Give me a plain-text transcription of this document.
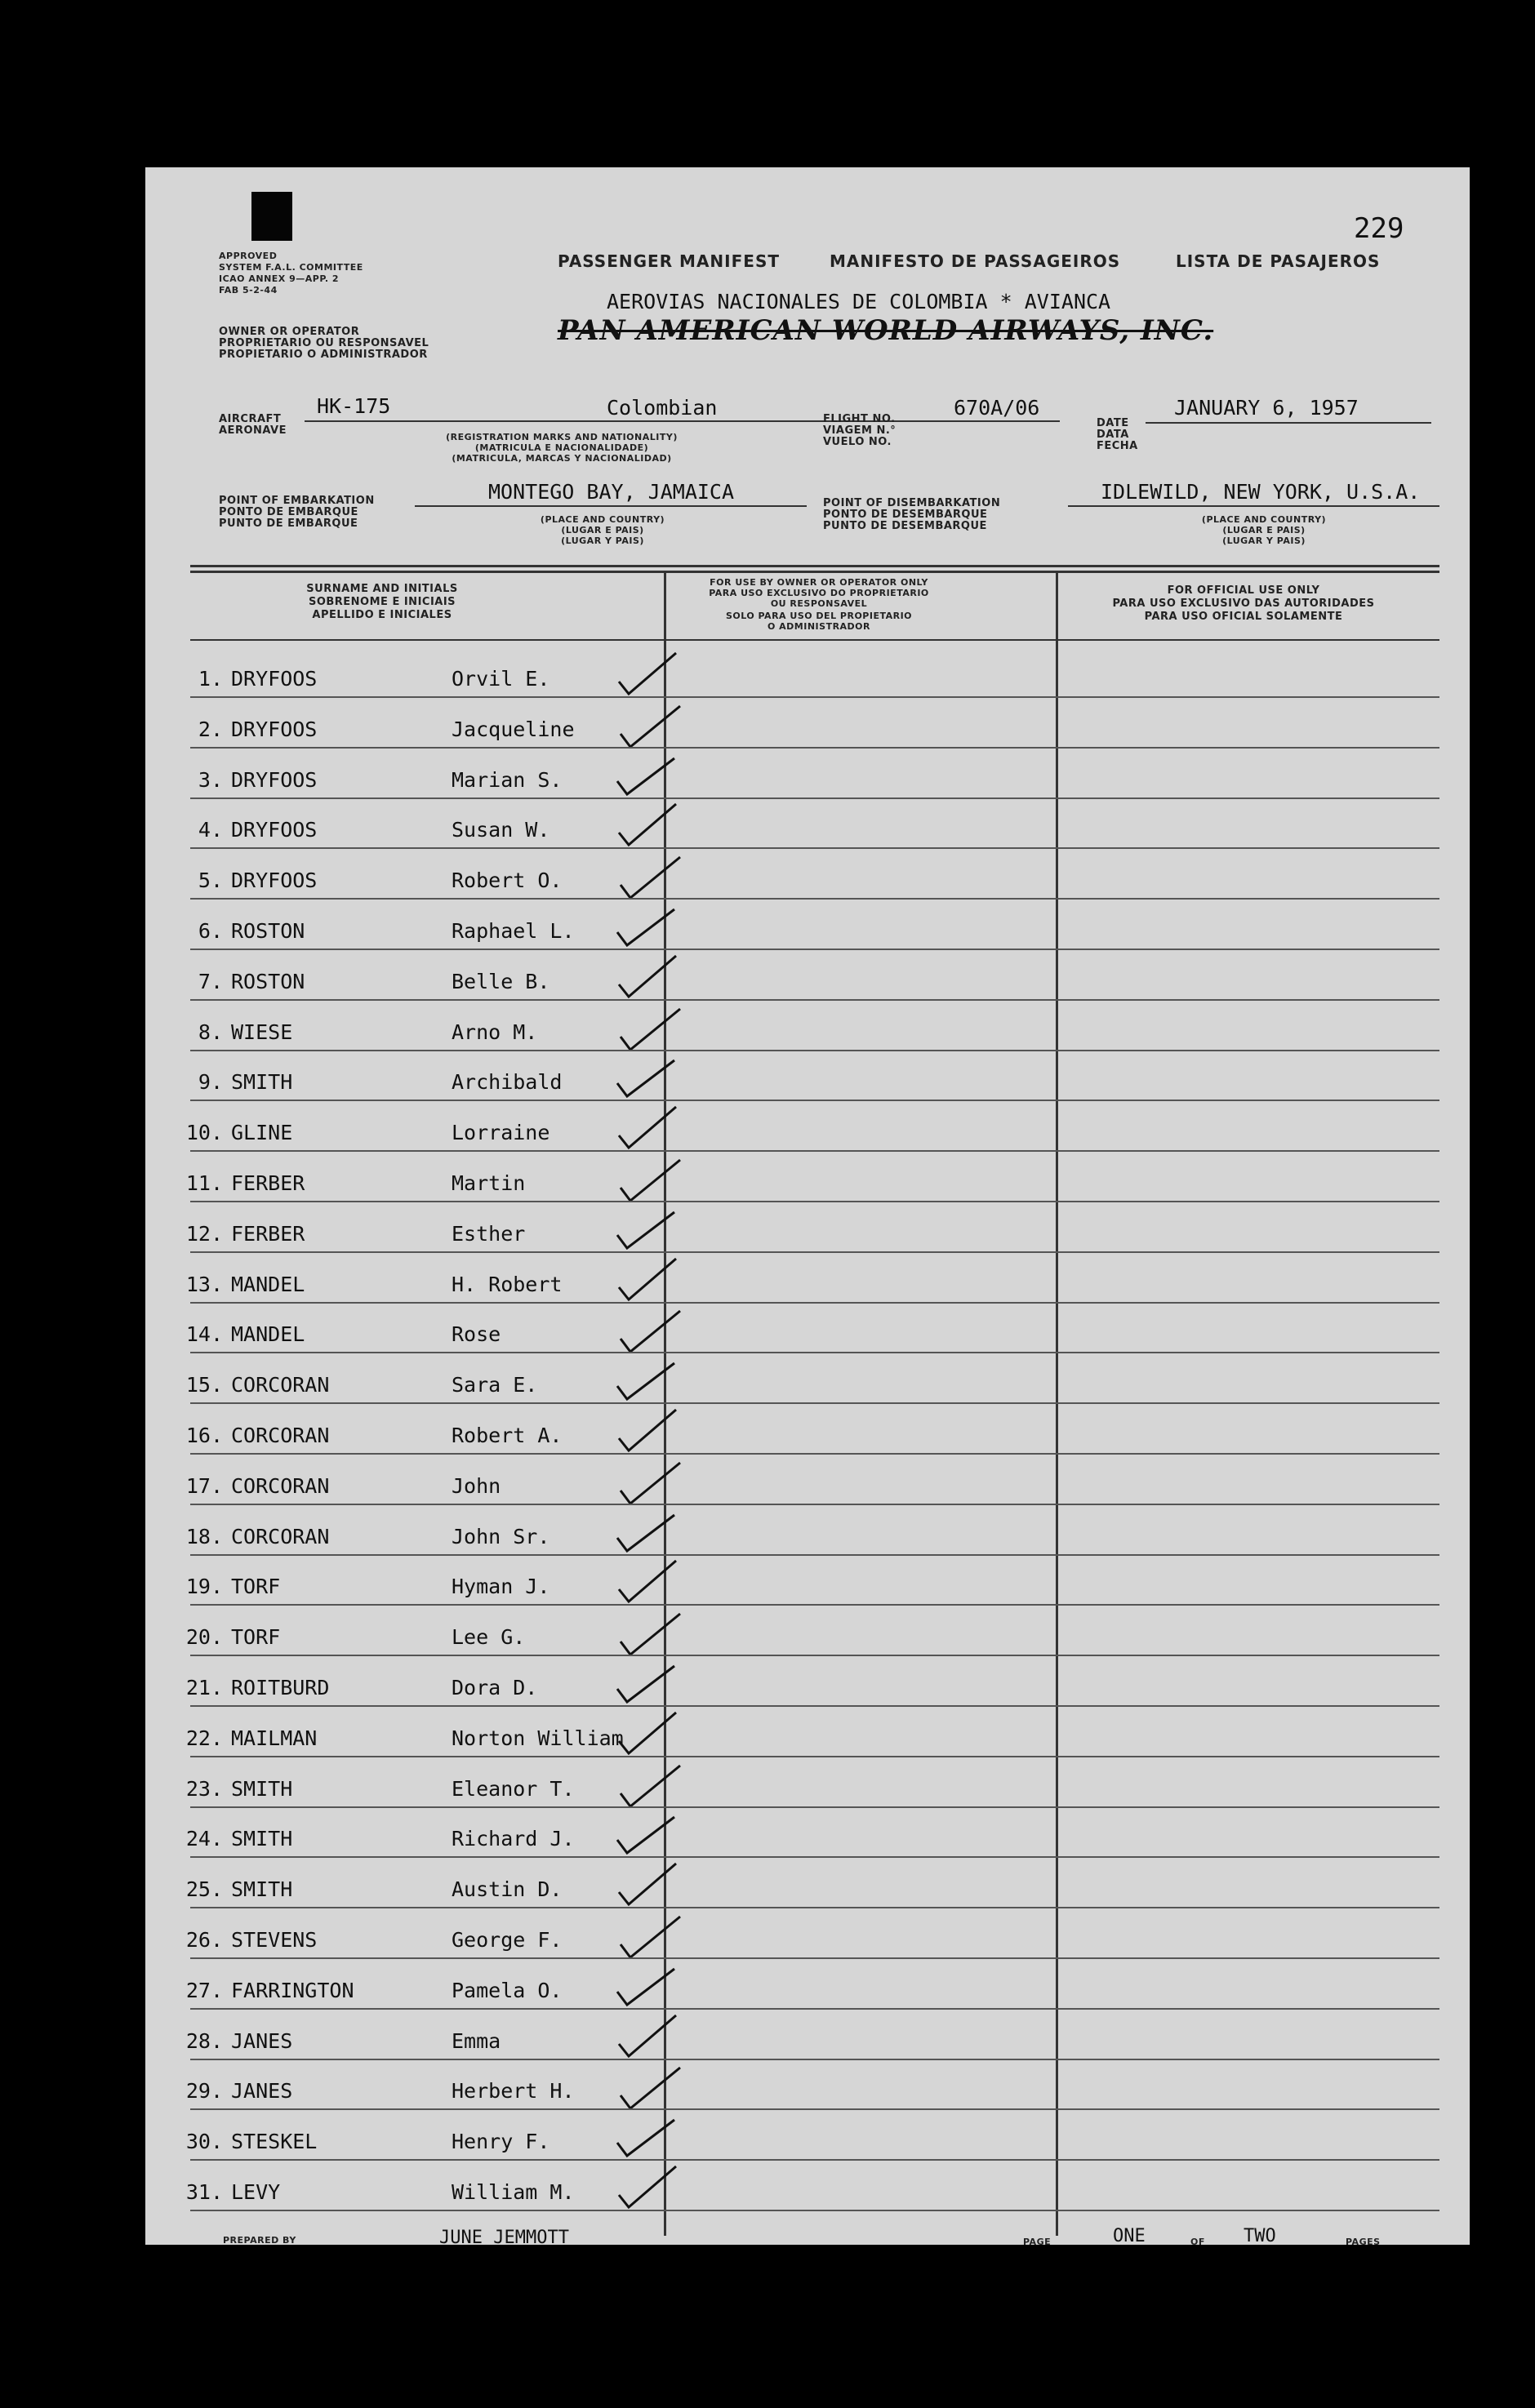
229
APPROVED
SYSTEM F.A.L. COMMITTEE
ICAO ANNEX 9—APP. 2
FAB 5-2-44
OWNER OR OPERATOR
PROPRIETARIO OU RESPONSAVEL
PROPIETARIO O ADMINISTRADOR
PASSENGER MANIFEST	MANIFESTO DE PASSAGEIROS	LISTA DE PASAJEROS
AEROVIAS NACIONALES DE COLOMBIA * AVIANCA
PAN AMERICAN WORLD AIRWAYS, INC.
AIRCRAFT
AERONAVE
HK-175	Colombian
(REGISTRATION MARKS AND NATIONALITY)
(MATRICULA E NACIONALIDADE)
(MATRICULA, MARCAS Y NACIONALIDAD)
FLIGHT NO.
VIAGEM N.°
VUELO NO.
670A/06
DATE
DATA
FECHA
JANUARY 6, 1957
POINT OF EMBARKATION
PONTO DE EMBARQUE
PUNTO DE EMBARQUE
MONTEGO BAY, JAMAICA
(PLACE AND COUNTRY)
(LUGAR E PAIS)
(LUGAR Y PAIS)
POINT OF DISEMBARKATION
PONTO DE DESEMBARQUE
PUNTO DE DESEMBARQUE
IDLEWILD, NEW YORK, U.S.A.
(PLACE AND COUNTRY)
(LUGAR E PAIS)
(LUGAR Y PAIS)
SURNAME AND INITIALS
SOBRENOME E INICIAIS
APELLIDO E INICIALES
FOR USE BY OWNER OR OPERATOR ONLY
PARA USO EXCLUSIVO DO PROPRIETARIO
OU RESPONSAVEL
SOLO PARA USO DEL PROPIETARIO
O ADMINISTRADOR
FOR OFFICIAL USE ONLY
PARA USO EXCLUSIVO DAS AUTORIDADES
PARA USO OFICIAL SOLAMENTE
1. DRYFOOS	Orvil E.
2. DRYFOOS	Jacqueline
3. DRYFOOS	Marian S.
4. DRYFOOS	Susan W.
5. DRYFOOS	Robert O.
6. ROSTON	Raphael L.
7. ROSTON	Belle B.
8. WIESE	Arno M.
9. SMITH	Archibald
10. GLINE	Lorraine
11. FERBER	Martin
12. FERBER	Esther
13. MANDEL	H. Robert
14. MANDEL	Rose
15. CORCORAN	Sara E.
16. CORCORAN	Robert A.
17. CORCORAN	John
18. CORCORAN	John Sr.
19. TORF	Hyman J.
20. TORF	Lee G.
21. ROITBURD	Dora D.
22. MAILMAN	Norton William
23. SMITH	Eleanor T.
24. SMITH	Richard J.
25. SMITH	Austin D.
26. STEVENS	George F.
27. FARRINGTON	Pamela O.
28. JANES	Emma
29. JANES	Herbert H.
30. STESKEL	Henry F.
31. LEVY	William M.
PREPARED BY	JUNE JEMMOTT	PAGE	ONE	OF TWO	PAGES
